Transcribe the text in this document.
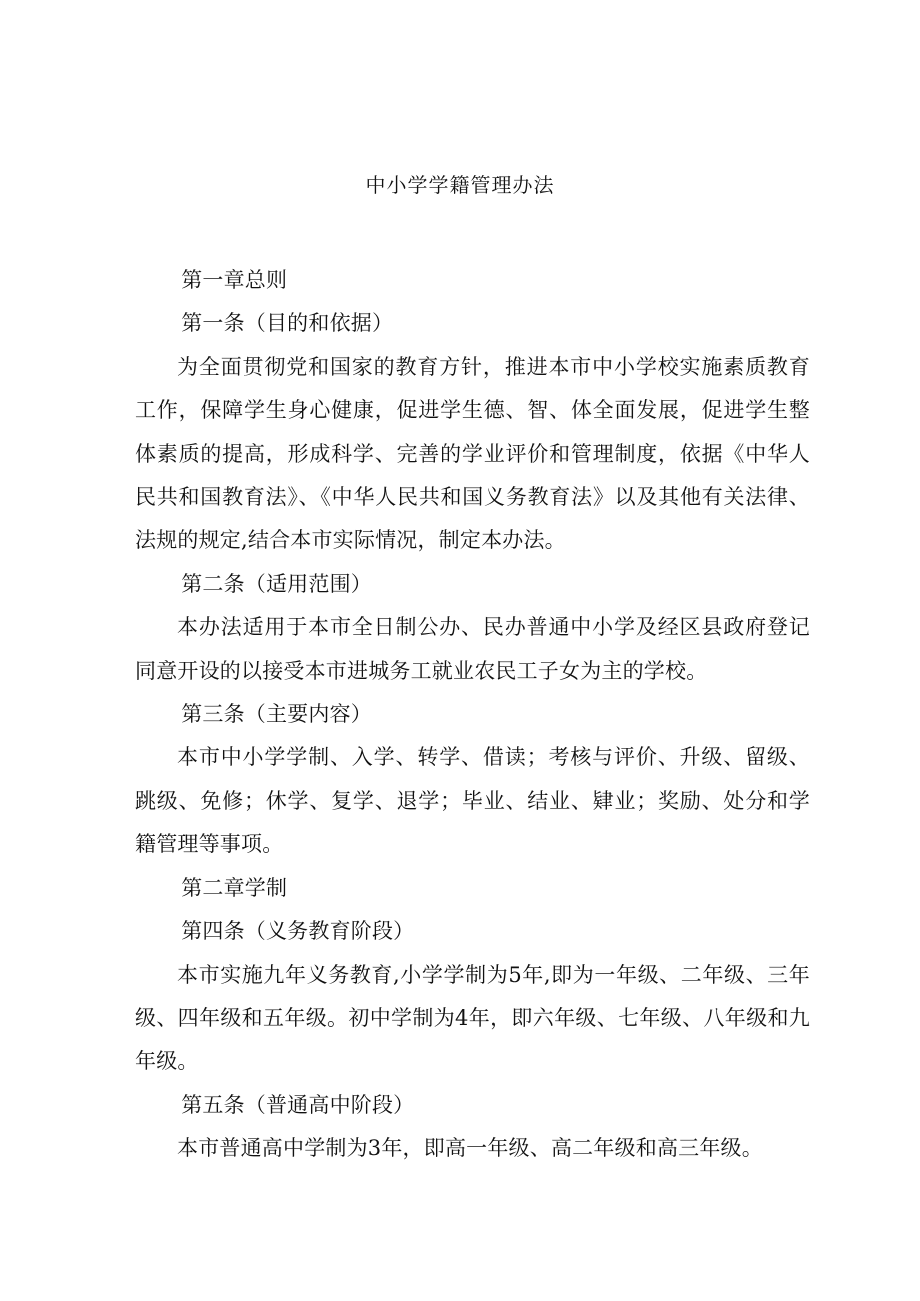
中小学学籍管理办法

第一章总则

第一条（目的和依据）

为全面贯彻党和国家的教育方针，推进本市中小学校实施素质教育工作，保障学生身心健康，促进学生德、智、体全面发展，促进学生整体素质的提高，形成科学、完善的学业评价和管理制度，依据《中华人民共和国教育法》、《中华人民共和国义务教育法》以及其他有关法律、法规的规定,结合本市实际情况，制定本办法。

第二条（适用范围）

本办法适用于本市全日制公办、民办普通中小学及经区县政府登记同意开设的以接受本市进城务工就业农民工子女为主的学校。

第三条（主要内容）

本市中小学学制、入学、转学、借读；考核与评价、升级、留级、跳级、免修；休学、复学、退学；毕业、结业、肄业；奖励、处分和学籍管理等事项。

第二章学制

第四条（义务教育阶段）

本市实施九年义务教育,小学学制为5年,即为一年级、二年级、三年级、四年级和五年级。初中学制为4年，即六年级、七年级、八年级和九年级。

第五条（普通高中阶段）

本市普通高中学制为3年，即高一年级、高二年级和高三年级。
